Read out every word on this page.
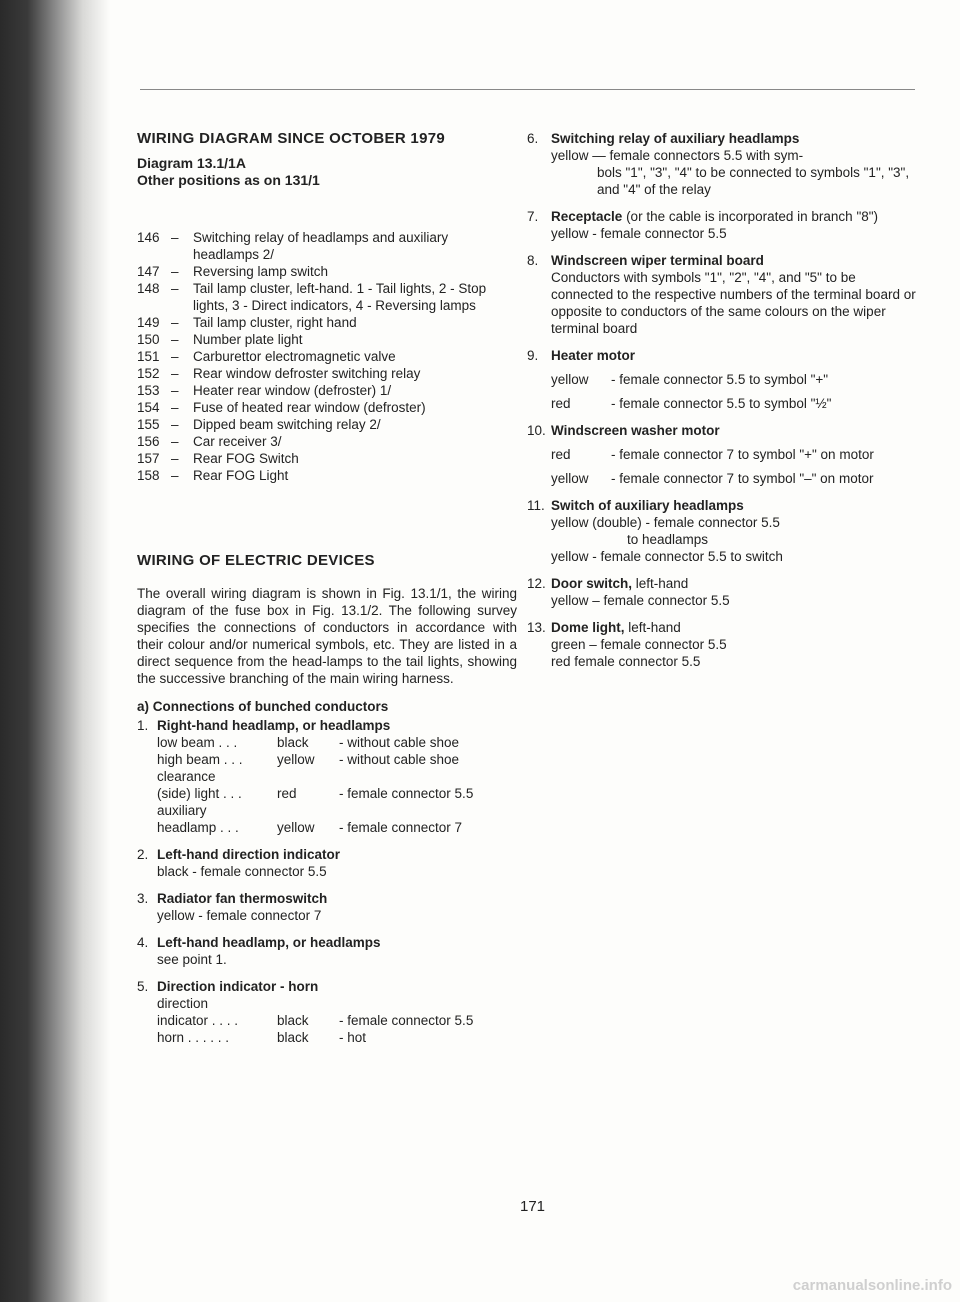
WIRING DIAGRAM SINCE OCTOBER 1979
Diagram 13.1/1A
Other positions as on 131/1
146 –	Switching relay of headlamps and auxiliary headlamps 2/
147 –	Reversing lamp switch
148 –	Tail lamp cluster, left-hand. 1 - Tail lights, 2 - Stop lights, 3 - Direct indicators, 4 - Reversing lamps
149 –	Tail lamp cluster, right hand
150 –	Number plate light
151 –	Carburettor electromagnetic valve
152 –	Rear window defroster switching relay
153 –	Heater rear window (defroster) 1/
154 –	Fuse of heated rear window (defroster)
155 –	Dipped beam switching relay 2/
156 –	Car receiver 3/
157 –	Rear FOG Switch
158 –	Rear FOG Light
WIRING OF ELECTRIC DEVICES
The overall wiring diagram is shown in Fig. 13.1/1, the wiring diagram of the fuse box in Fig. 13.1/2. The following survey specifies the connections of conductors in accordance with their colour and/or numerical symbols, etc. They are listed in a direct sequence from the head-lamps to the tail lights, showing the successive branching of the main wiring harness.
a) Connections of bunched conductors
1. Right-hand headlamp, or headlamps
low beam . . .	black	- without cable shoe
high beam . . .	yellow	- without cable shoe
clearance
(side) light . . .	red	- female connector 5.5
auxiliary
headlamp . . .	yellow	- female connector 7
2. Left-hand direction indicator
black - female connector 5.5
3. Radiator fan thermoswitch
yellow - female connector 7
4. Left-hand headlamp, or headlamps
see point 1.
5. Direction indicator - horn
direction
indicator . . . .	black	- female connector 5.5
horn . . . . . .	black	- hot
6. Switching relay of auxiliary headlamps
yellow — female connectors 5.5 with sym-
bols "1", "3", "4" to be connected to symbols "1", "3", and "4" of the relay
7. Receptacle (or the cable is incorporated in branch "8")
yellow - female connector 5.5
8. Windscreen wiper terminal board
Conductors with symbols "1", "2", "4", and "5" to be connected to the respective numbers of the terminal board or opposite to conductors of the same colours on the wiper terminal board
9. Heater motor
yellow	- female connector 5.5 to symbol "+"
red	- female connector 5.5 to symbol "½"
10. Windscreen washer motor
red	- female connector 7 to symbol "+" on motor
yellow	- female connector 7 to symbol "–" on motor
11. Switch of auxiliary headlamps
yellow (double) - female connector 5.5
to headlamps
yellow - female connector 5.5 to switch
12. Door switch, left-hand
yellow – female connector 5.5
13. Dome light, left-hand
green – female connector 5.5
red female connector 5.5
171
carmanualsonline.info
